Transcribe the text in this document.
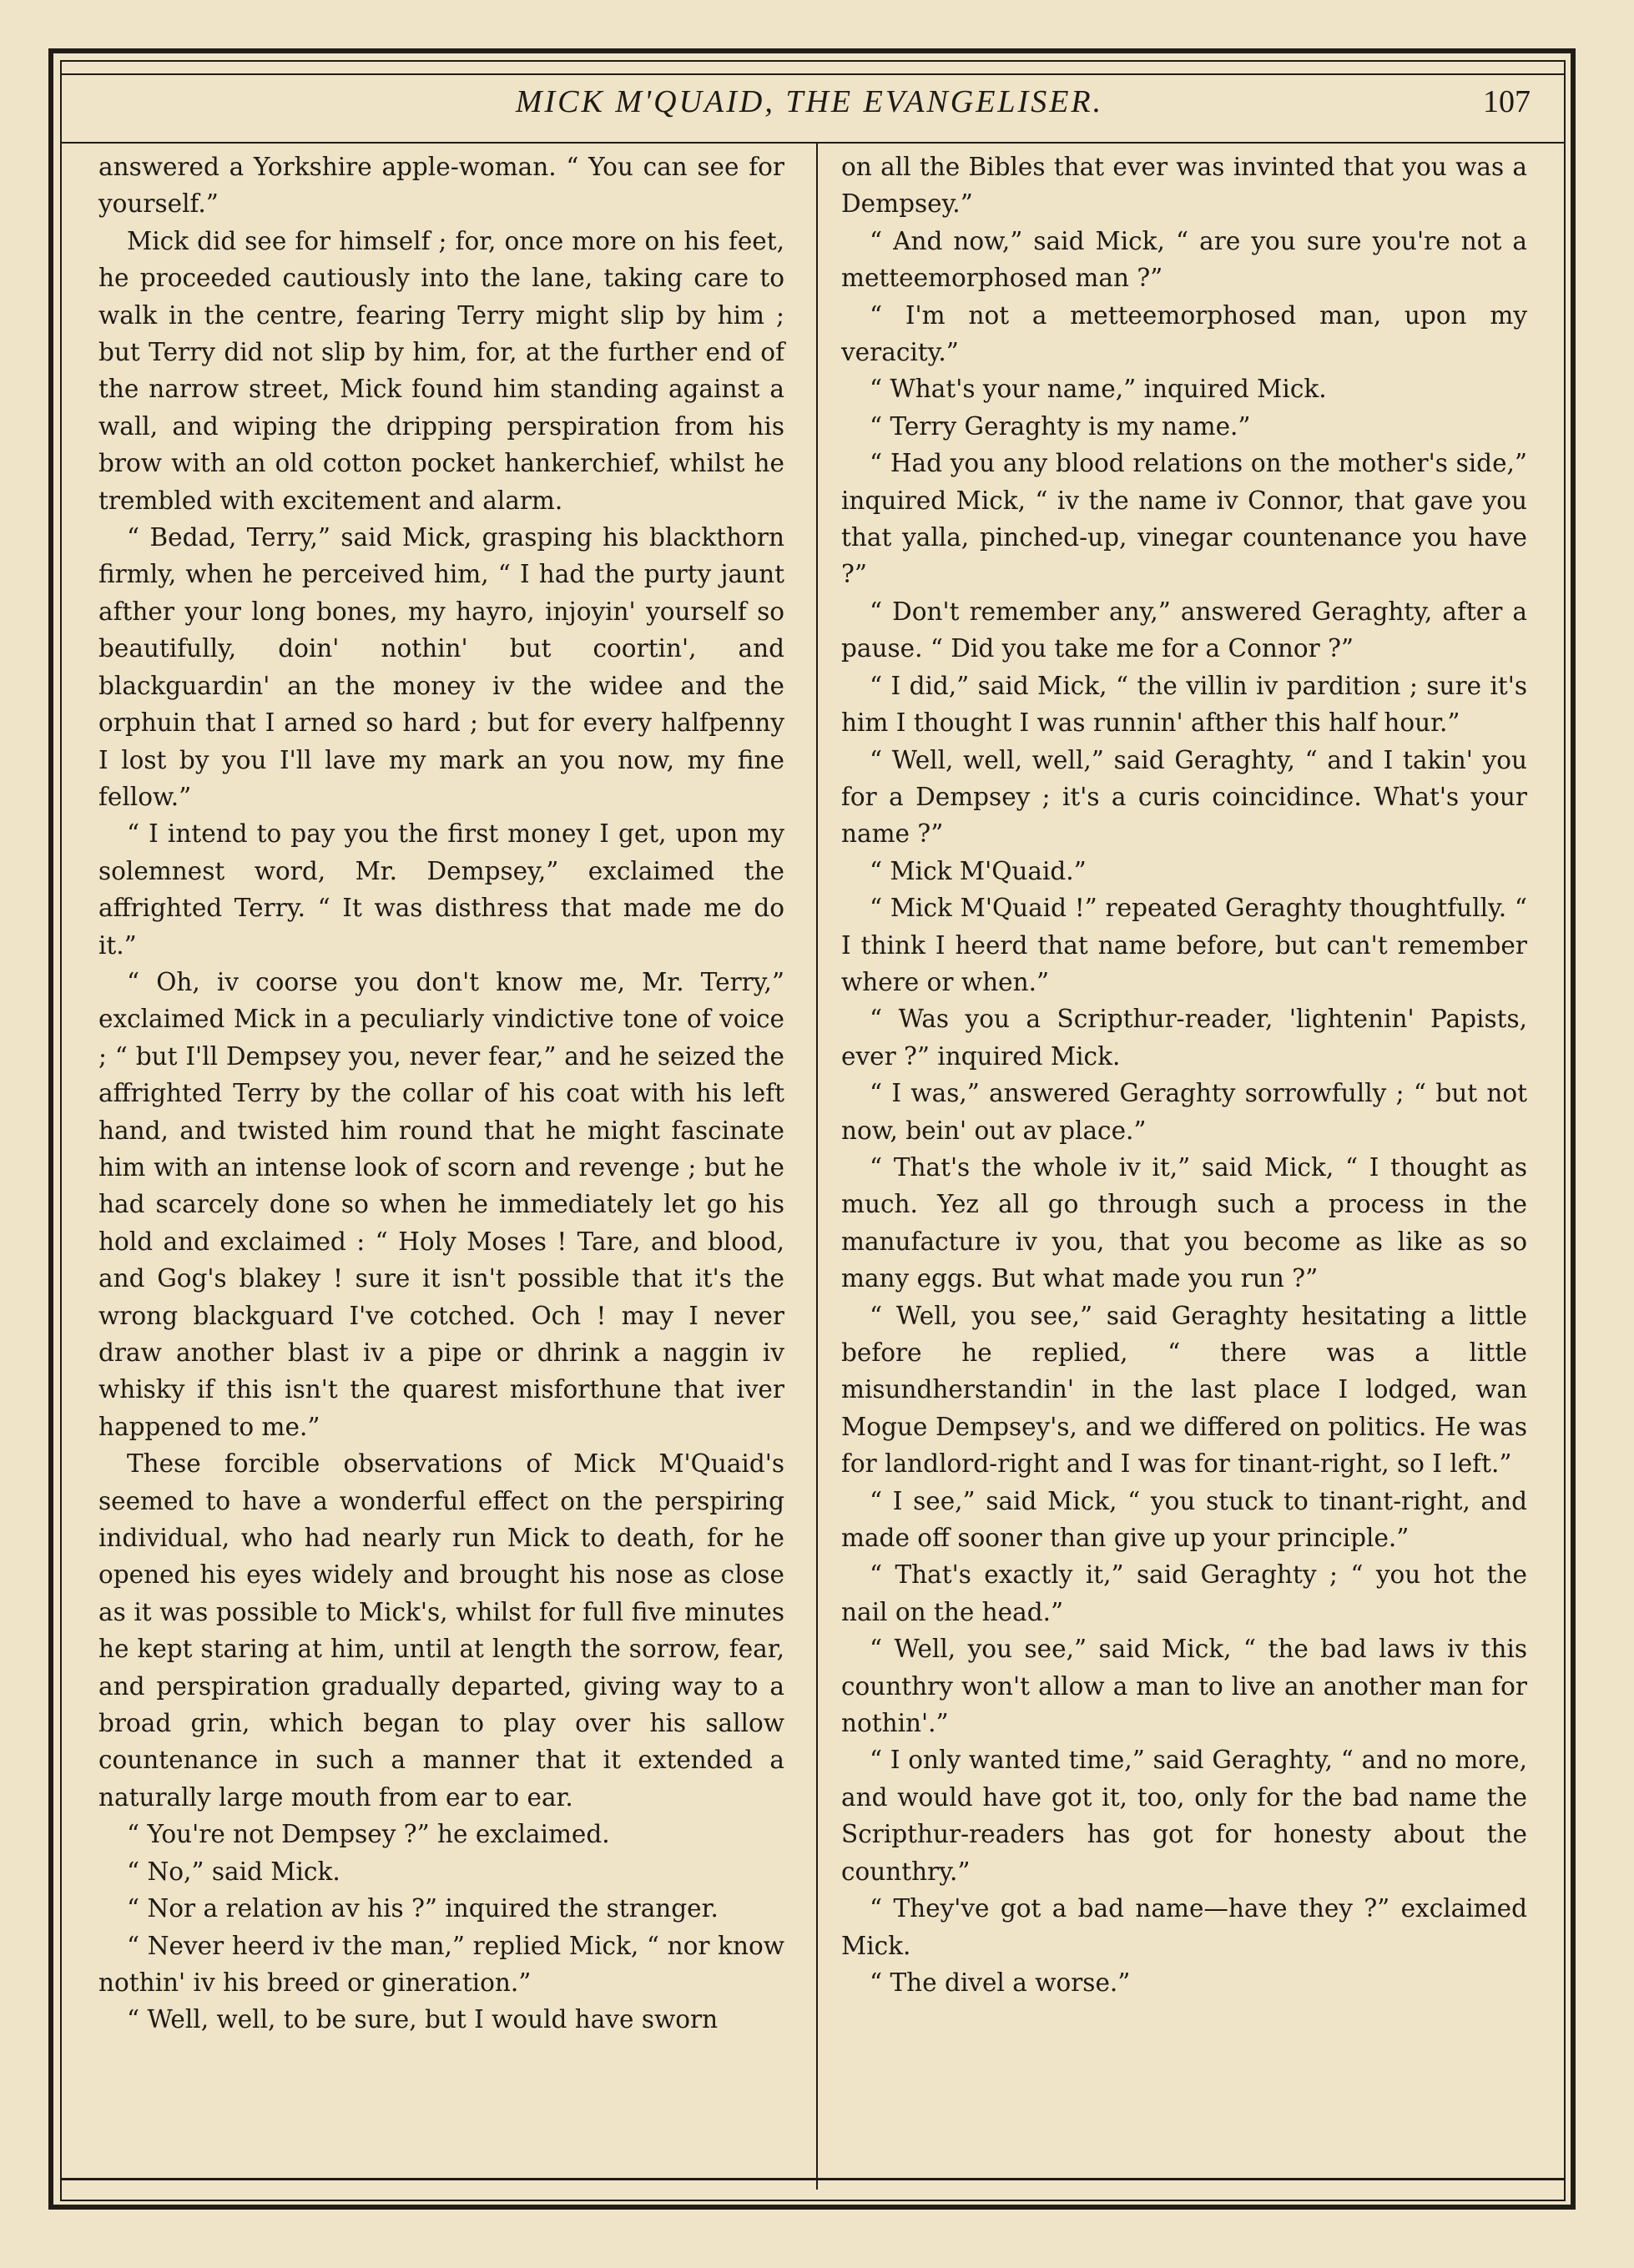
MICK M'QUAID, THE EVANGELISER.	107

answered a Yorkshire apple-woman. “ You can see for yourself.”

Mick did see for himself ; for, once more on his feet, he proceeded cautiously into the lane, taking care to walk in the centre, fearing Terry might slip by him ; but Terry did not slip by him, for, at the further end of the narrow street, Mick found him standing against a wall, and wiping the dripping perspiration from his brow with an old cotton pocket hankerchief, whilst he trembled with excitement and alarm.

“ Bedad, Terry,” said Mick, grasping his blackthorn firmly, when he perceived him, “ I had the purty jaunt afther your long bones, my hayro, injoyin' yourself so beautifully, doin' nothin' but coortin', and blackguardin' an the money iv the widee and the orphuin that I arned so hard ; but for every halfpenny I lost by you I'll lave my mark an you now, my fine fellow.”

“ I intend to pay you the first money I get, upon my solemnest word, Mr. Dempsey,” exclaimed the affrighted Terry. “ It was disthress that made me do it.”

“ Oh, iv coorse you don't know me, Mr. Terry,” exclaimed Mick in a peculiarly vindictive tone of voice ; “ but I'll Dempsey you, never fear,” and he seized the affrighted Terry by the collar of his coat with his left hand, and twisted him round that he might fascinate him with an intense look of scorn and revenge ; but he had scarcely done so when he immediately let go his hold and exclaimed : “ Holy Moses ! Tare, and blood, and Gog's blakey ! sure it isn't possible that it's the wrong blackguard I've cotched. Och ! may I never draw another blast iv a pipe or dhrink a naggin iv whisky if this isn't the quarest misforthune that iver happened to me.”

These forcible observations of Mick M'Quaid's seemed to have a wonderful effect on the perspiring individual, who had nearly run Mick to death, for he opened his eyes widely and brought his nose as close as it was possible to Mick's, whilst for full five minutes he kept staring at him, until at length the sorrow, fear, and perspiration gradually departed, giving way to a broad grin, which began to play over his sallow countenance in such a manner that it extended a naturally large mouth from ear to ear.

“ You're not Dempsey ?” he exclaimed.

“ No,” said Mick.

“ Nor a relation av his ?” inquired the stranger.

“ Never heerd iv the man,” replied Mick, “ nor know nothin' iv his breed or gineration.”

“ Well, well, to be sure, but I would have sworn

on all the Bibles that ever was invinted that you was a Dempsey.”

“ And now,” said Mick, “ are you sure you're not a metteemorphosed man ?”

“ I'm not a metteemorphosed man, upon my veracity.”

“ What's your name,” inquired Mick.

“ Terry Geraghty is my name.”

“ Had you any blood relations on the mother's side,” inquired Mick, “ iv the name iv Connor, that gave you that yalla, pinched-up, vinegar countenance you have ?”

“ Don't remember any,” answered Geraghty, after a pause. “ Did you take me for a Connor ?”

“ I did,” said Mick, “ the villin iv pardition ; sure it's him I thought I was runnin' afther this half hour.”

“ Well, well, well,” said Geraghty, “ and I takin' you for a Dempsey ; it's a curis coincidince. What's your name ?”

“ Mick M'Quaid.”

“ Mick M'Quaid !” repeated Geraghty thoughtfully. “ I think I heerd that name before, but can't remember where or when.”

“ Was you a Scripthur-reader, 'lightenin' Papists, ever ?” inquired Mick.

“ I was,” answered Geraghty sorrowfully ; “ but not now, bein' out av place.”

“ That's the whole iv it,” said Mick, “ I thought as much. Yez all go through such a process in the manufacture iv you, that you become as like as so many eggs. But what made you run ?”

“ Well, you see,” said Geraghty hesitating a little before he replied, “ there was a little misundherstandin' in the last place I lodged, wan Mogue Dempsey's, and we differed on politics. He was for landlord-right and I was for tinant-right, so I left.”

“ I see,” said Mick, “ you stuck to tinant-right, and made off sooner than give up your principle.”

“ That's exactly it,” said Geraghty ; “ you hot the nail on the head.”

“ Well, you see,” said Mick, “ the bad laws iv this counthry won't allow a man to live an another man for nothin'.”

“ I only wanted time,” said Geraghty, “ and no more, and would have got it, too, only for the bad name the Scripthur-readers has got for honesty about the counthry.”

“ They've got a bad name—have they ?” exclaimed Mick.

“ The divel a worse.”
